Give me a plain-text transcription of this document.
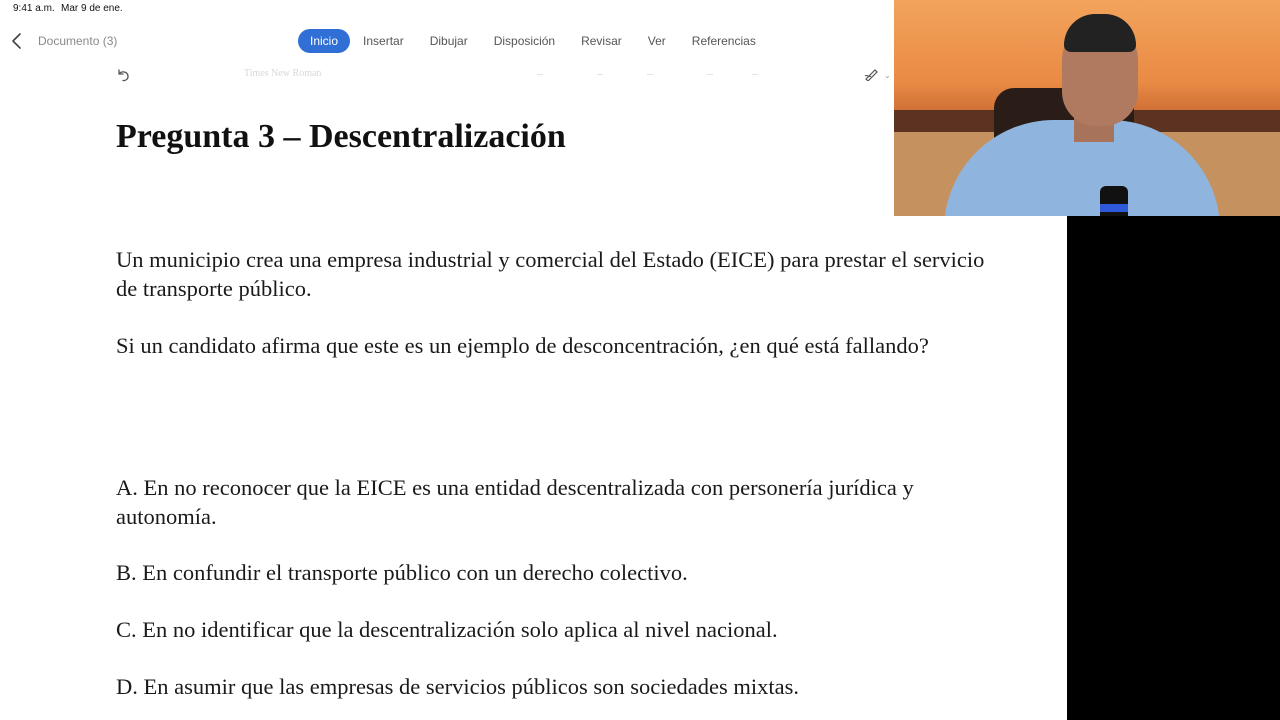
9:41 a.m. Mar 9 de ene.
Documento (3)	Inicio	Insertar	Dibujar	Disposición	Revisar	Ver	Referencias
Times New Roman	⌄
Pregunta 3 – Descentralización

Un municipio crea una empresa industrial y comercial del Estado (EICE) para prestar el servicio de transporte público.

Si un candidato afirma que este es un ejemplo de desconcentración, ¿en qué está fallando?

A. En no reconocer que la EICE es una entidad descentralizada con personería jurídica y autonomía.

B. En confundir el transporte público con un derecho colectivo.

C. En no identificar que la descentralización solo aplica al nivel nacional.

D. En asumir que las empresas de servicios públicos son sociedades mixtas.
